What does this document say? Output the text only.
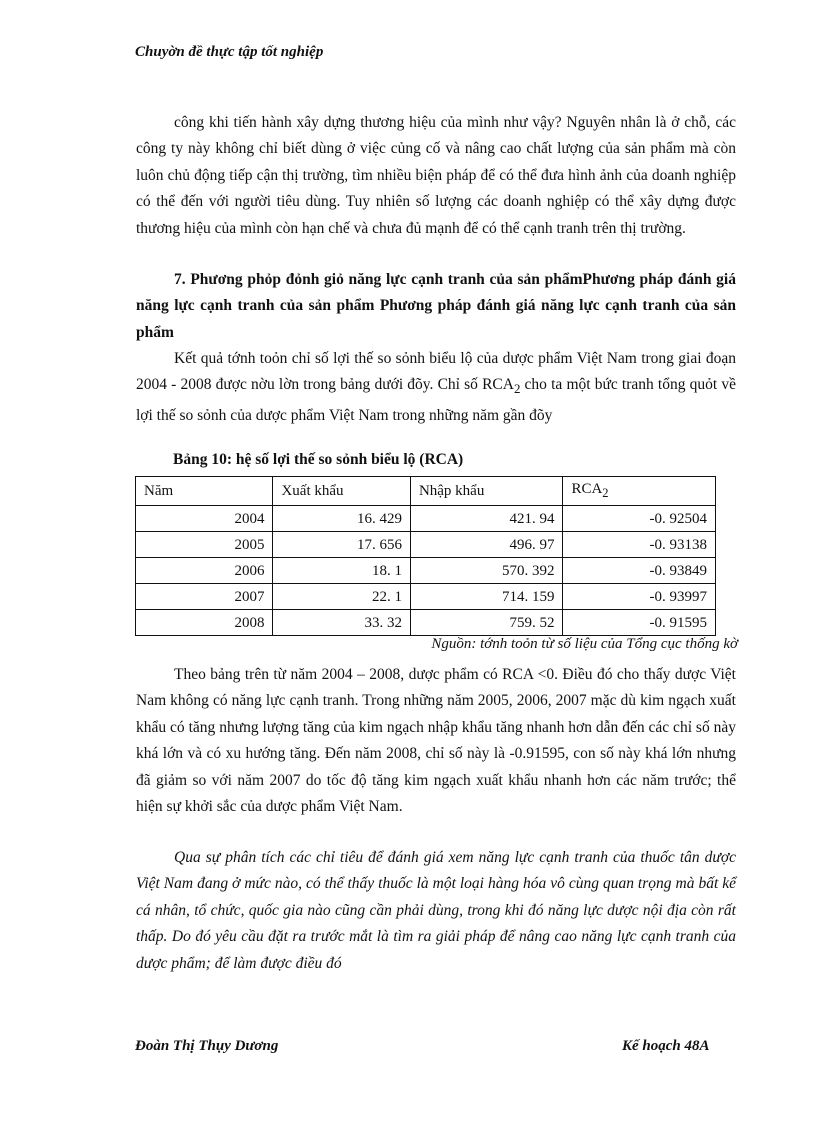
Chuyờn đề thực tập tốt nghiệp

công khi tiến hành xây dựng thương hiệu của mình như vậy? Nguyên nhân là ở chỗ, các công ty này không chỉ biết dùng ở việc củng cố và nâng cao chất lượng của sản phẩm mà còn luôn chủ động tiếp cận thị trường, tìm nhiều biện pháp để có thể đưa hình ảnh của doanh nghiệp có thể đến với người tiêu dùng. Tuy nhiên số lượng các doanh nghiệp có thể xây dựng được thương hiệu của mình còn hạn chế và chưa đủ mạnh để có thể cạnh tranh trên thị trường.

7. Phương phỏp đỏnh giỏ năng lực cạnh tranh của sản phẩmPhương pháp đánh giá năng lực cạnh tranh của sản phẩm Phương pháp đánh giá năng lực cạnh tranh của sản phẩm

Kết quả tớnh toỏn chỉ số lợi thế so sỏnh biểu lộ của dược phẩm Việt Nam trong giai đoạn 2004 - 2008 được nờu lờn trong bảng dưới đõy. Chỉ số $RCA_2$ cho ta một bức tranh tổng quỏt về lợi thế so sỏnh của dược phẩm Việt Nam trong những năm gần đõy

Bảng 10: hệ số lợi thế so sỏnh biểu lộ (RCA)
Năm	Xuất khẩu	Nhập khẩu	$RCA_2$
2004	16. 429	421. 94	-0. 92504
2005	17. 656	496. 97	-0. 93138
2006	18. 1	570. 392	-0. 93849
2007	22. 1	714. 159	-0. 93997
2008	33. 32	759. 52	-0. 91595
Nguồn: tớnh toỏn từ số liệu của Tổng cục thống kờ

Theo bảng trên từ năm 2004 – 2008, dược phẩm có RCA <0. Điều đó cho thấy dược Việt Nam không có năng lực cạnh tranh. Trong những năm 2005, 2006, 2007 mặc dù kim ngạch xuất khẩu có tăng nhưng lượng tăng của kim ngạch nhập khẩu tăng nhanh hơn dẫn đến các chỉ số này khá lớn và có xu hướng tăng. Đến năm 2008, chỉ số này là -0.91595, con số này khá lớn nhưng đã giảm so với năm 2007 do tốc độ tăng kim ngạch xuất khẩu nhanh hơn các năm trước; thể hiện sự khởi sắc của dược phẩm Việt Nam.

Qua sự phân tích các chỉ tiêu để đánh giá xem năng lực cạnh tranh của thuốc tân dược Việt Nam đang ở mức nào, có thể thấy thuốc là một loại hàng hóa vô cùng quan trọng mà bất kể cá nhân, tổ chức, quốc gia nào cũng cần phải dùng, trong khi đó năng lực dược nội địa còn rất thấp. Do đó yêu cầu đặt ra trước mắt là tìm ra giải pháp để nâng cao năng lực cạnh tranh của dược phẩm; để làm được điều đó

Đoàn Thị Thụy Dương	Kế hoạch 48A
